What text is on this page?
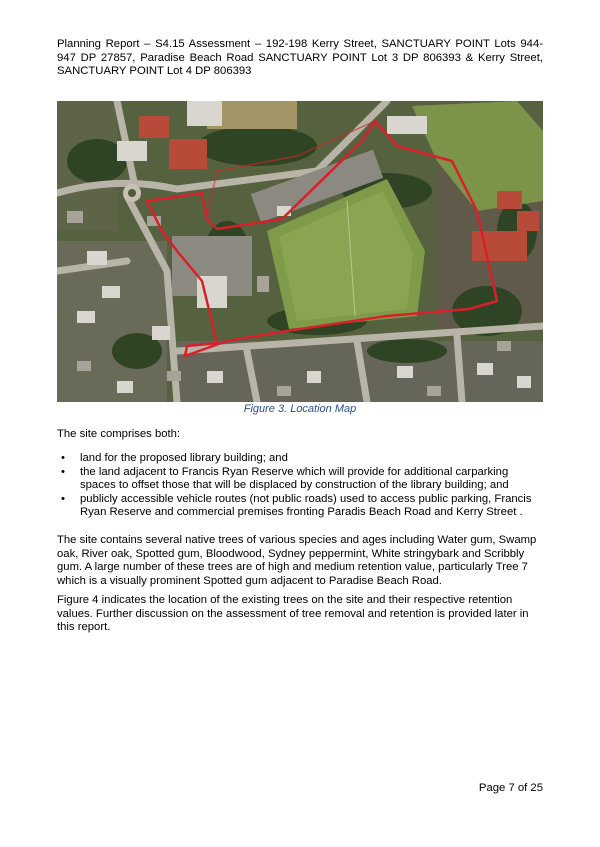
Planning Report – S4.15 Assessment – 192-198 Kerry Street, SANCTUARY POINT Lots 944-947 DP 27857, Paradise Beach Road SANCTUARY POINT Lot 3 DP 806393 & Kerry Street, SANCTUARY POINT Lot 4 DP 806393
Figure 3. Location Map
The site comprises both:
• land for the proposed library building; and
• the land adjacent to Francis Ryan Reserve which will provide for additional carparking spaces to offset those that will be displaced by construction of the library building; and
• publicly accessible vehicle routes (not public roads) used to access public parking, Francis Ryan Reserve and commercial premises fronting Paradis Beach Road and Kerry Street .
The site contains several native trees of various species and ages including Water gum, Swamp oak, River oak, Spotted gum, Bloodwood, Sydney peppermint, White stringybark and Scribbly gum. A large number of these trees are of high and medium retention value, particularly Tree 7 which is a visually prominent Spotted gum adjacent to Paradise Beach Road.
Figure 4 indicates the location of the existing trees on the site and their respective retention values. Further discussion on the assessment of tree removal and retention is provided later in this report.
Page 7 of 25
